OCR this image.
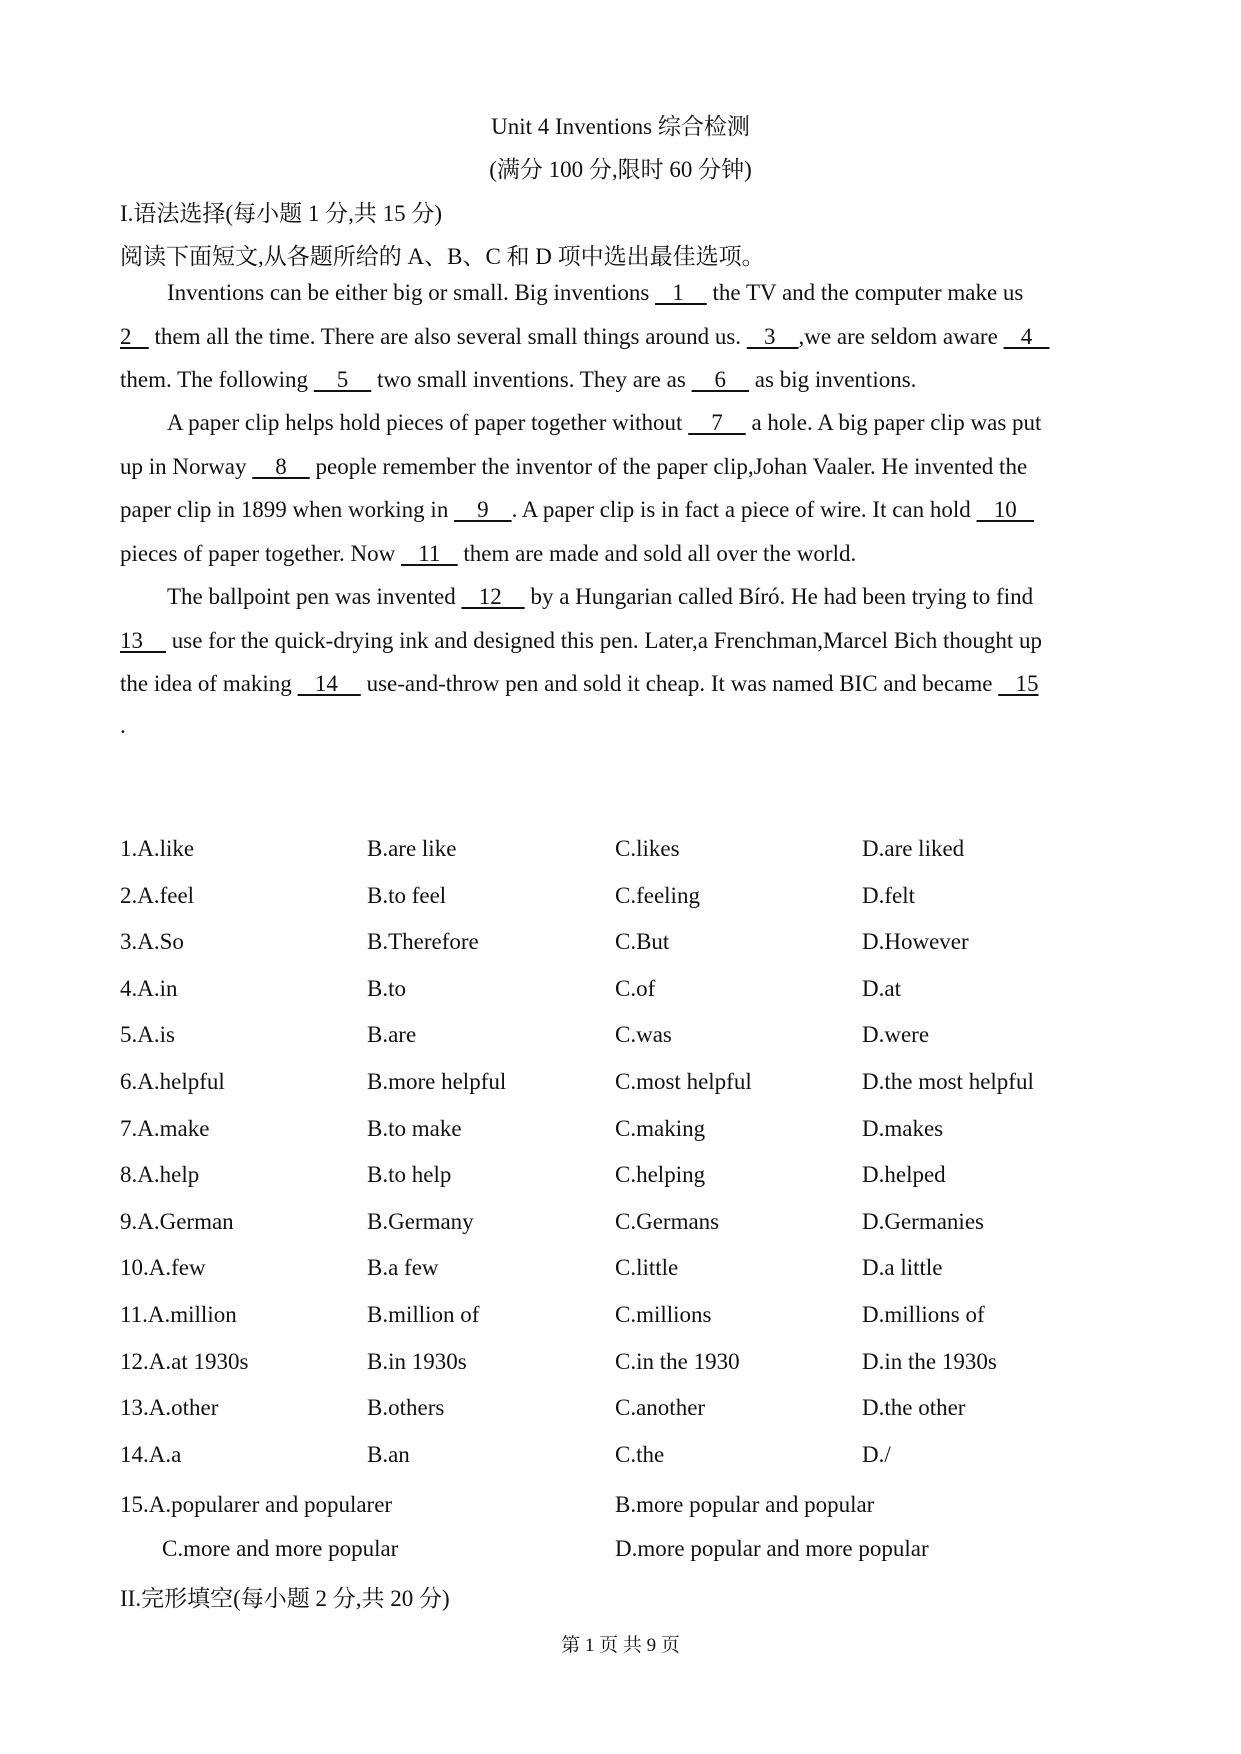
Unit 4 Inventions 综合检测
(满分 100 分,限时 60 分钟)
I.语法选择(每小题 1 分,共 15 分)
阅读下面短文,从各题所给的 A、B、C 和 D 项中选出最佳选项。
Inventions can be either big or small. Big inventions    1     the TV and the computer make us
2    them all the time. There are also several small things around us.    3    ,we are seldom aware    4
them. The following     5     two small inventions. They are as     6     as big inventions.
A paper clip helps hold pieces of paper together without     7     a hole. A big paper clip was put
up in Norway     8     people remember the inventor of the paper clip,Johan Vaaler. He invented the
paper clip in 1899 when working in     9    . A paper clip is in fact a piece of wire. It can hold    10
pieces of paper together. Now    11    them are made and sold all over the world.
The ballpoint pen was invented    12     by a Hungarian called Bíró. He had been trying to find
13     use for the quick-drying ink and designed this pen. Later,a Frenchman,Marcel Bich thought up
the idea of making    14     use-and-throw pen and sold it cheap. It was named BIC and became    15
.
1.A.like	B.are like	C.likes	D.are liked
2.A.feel	B.to feel	C.feeling	D.felt
3.A.So	B.Therefore	C.But	D.However
4.A.in	B.to	C.of	D.at
5.A.is	B.are	C.was	D.were
6.A.helpful	B.more helpful	C.most helpful	D.the most helpful
7.A.make	B.to make	C.making	D.makes
8.A.help	B.to help	C.helping	D.helped
9.A.German	B.Germany	C.Germans	D.Germanies
10.A.few	B.a few	C.little	D.a little
11.A.million	B.million of	C.millions	D.millions of
12.A.at 1930s	B.in 1930s	C.in the 1930	D.in the 1930s
13.A.other	B.others	C.another	D.the other
14.A.a	B.an	C.the	D./
15.A.popularer and popularer	B.more popular and popular
C.more and more popular	D.more popular and more popular
II.完形填空(每小题 2 分,共 20 分)
第 1 页 共 9 页
